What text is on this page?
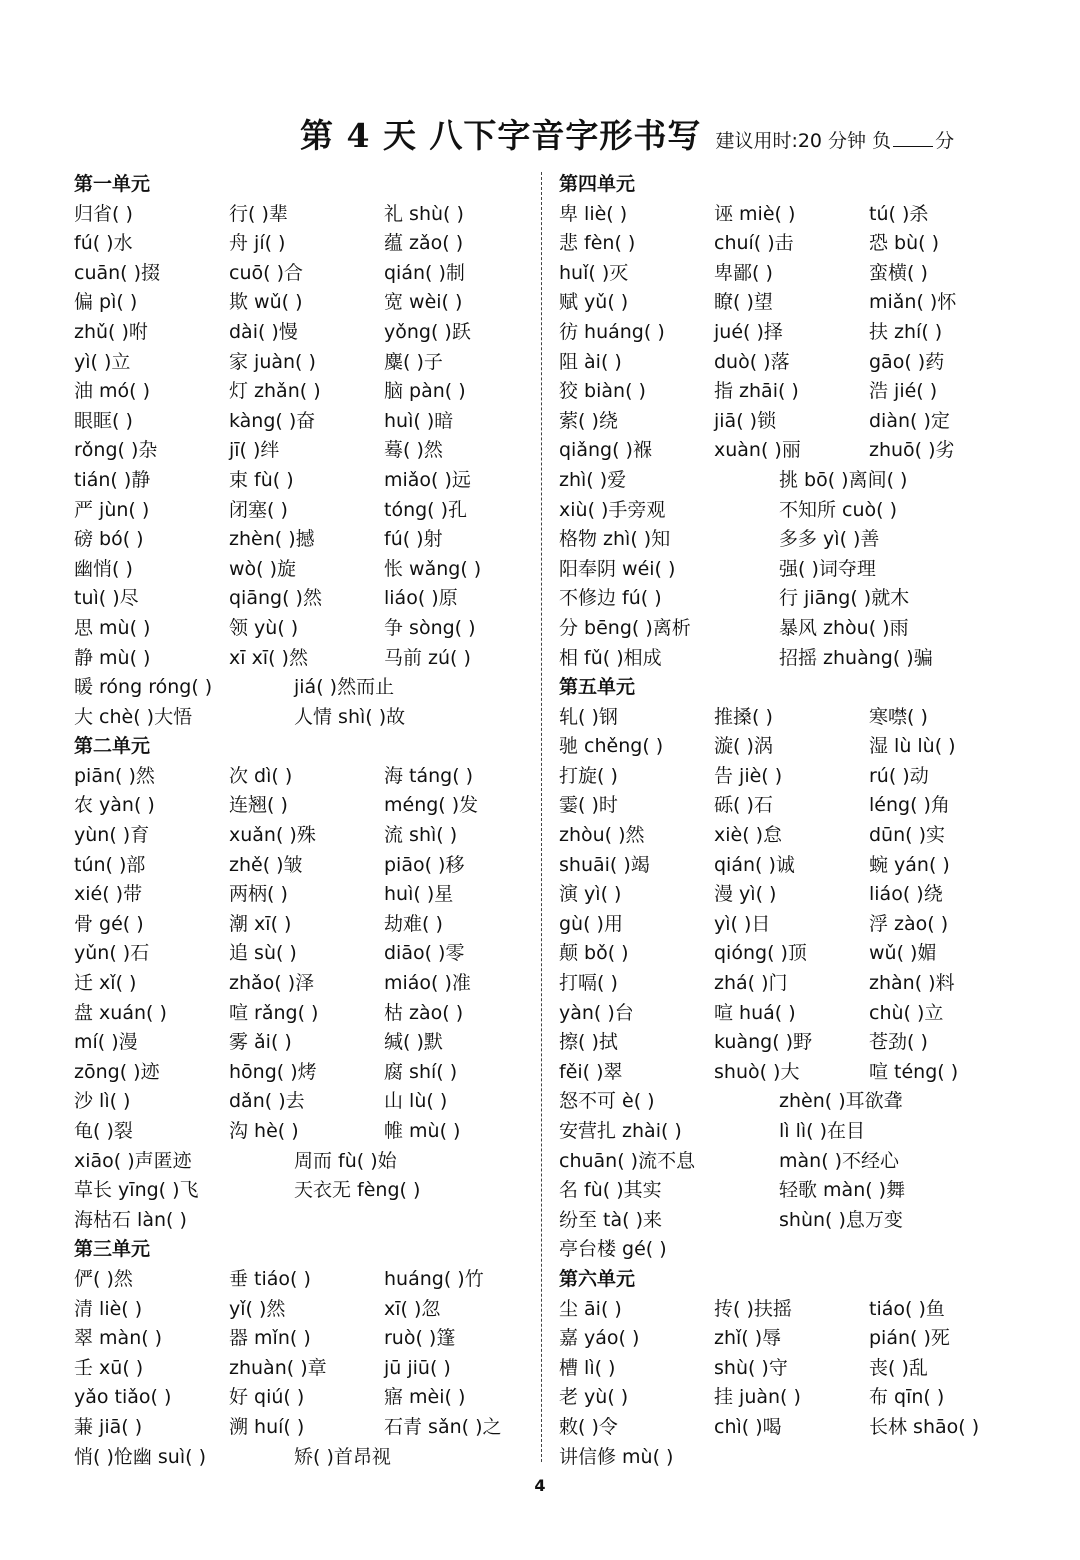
第 4 天 八下字音字形书写 建议用时:20 分钟 负 分
第一单元
归省( )	行( )辈	礼 shù( )
fú( )水	舟 jí( )	蕴 zǎo( )
cuān( )掇	cuō( )合	qián( )制
偏 pì( )	欺 wǔ( )	宽 wèi( )
zhǔ( )咐	dài( )慢	yǒng( )跃
yì( )立	家 juàn( )	麋( )子
油 mó( )	灯 zhǎn( )	脑 pàn( )
眼眶( )	kàng( )奋	huì( )暗
rǒng( )杂	jī( )绊	蓦( )然
tián( )静	束 fù( )	miǎo( )远
严 jùn( )	闭塞( )	tóng( )孔
磅 bó( )	zhèn( )撼	fú( )射
幽悄( )	wò( )旋	怅 wǎng( )
tuì( )尽	qiāng( )然	liáo( )原
思 mù( )	领 yù( )	争 sòng( )
静 mù( )	xī xī( )然	马前 zú( )
暖 róng róng( )	jiá( )然而止
大 chè( )大悟	人情 shì( )故
第二单元
piān( )然	次 dì( )	海 táng( )
农 yàn( )	连翘( )	méng( )发
yùn( )育	xuǎn( )殊	流 shì( )
tún( )部	zhě( )皱	piāo( )移
xié( )带	两柄( )	huì( )星
骨 gé( )	潮 xī( )	劫难( )
yǔn( )石	追 sù( )	diāo( )零
迁 xǐ( )	zhǎo( )泽	miáo( )准
盘 xuán( )	喧 rǎng( )	枯 zào( )
mí( )漫	雾 ǎi( )	缄( )默
zōng( )迹	hōng( )烤	腐 shí( )
沙 lì( )	dǎn( )去	山 lù( )
龟( )裂	沟 hè( )	帷 mù( )
xiāo( )声匿迹	周而 fù( )始
草长 yīng( )飞	天衣无 fèng( )
海枯石 làn( )
第三单元
俨( )然	垂 tiáo( )	huáng( )竹
清 liè( )	yǐ( )然	xī( )忽
翠 màn( )	器 mǐn( )	ruò( )篷
壬 xū( )	zhuàn( )章	jū jiū( )
yǎo tiǎo( )	好 qiú( )	寤 mèi( )
蒹 jiā( )	溯 huí( )	石青 sǎn( )之
悄( )怆幽 suì( )	矫( )首昂视
第四单元
卑 liè( )	诬 miè( )	tú( )杀
悲 fèn( )	chuí( )击	恐 bù( )
huǐ( )灭	卑鄙( )	蛮横( )
赋 yǔ( )	瞭( )望	miǎn( )怀
彷 huáng( )	jué( )择	扶 zhí( )
阻 ài( )	duò( )落	gāo( )药
狡 biàn( )	指 zhāi( )	浩 jié( )
萦( )绕	jiā( )锁	diàn( )定
qiǎng( )褓	xuàn( )丽	zhuō( )劣
zhì( )爱	挑 bō( )离间( )
xiù( )手旁观	不知所 cuò( )
格物 zhì( )知	多多 yì( )善
阳奉阴 wéi( )	强( )词夺理
不修边 fú( )	行 jiāng( )就木
分 bēng( )离析	暴风 zhòu( )雨
相 fǔ( )相成	招摇 zhuàng( )骗
第五单元
轧( )钢	推搡( )	寒噤( )
驰 chěng( )	漩( )涡	湿 lù lù( )
打旋( )	告 jiè( )	rú( )动
霎( )时	砾( )石	léng( )角
zhòu( )然	xiè( )怠	dūn( )实
shuāi( )竭	qián( )诚	蜿 yán( )
演 yì( )	漫 yì( )	liáo( )绕
gù( )用	yì( )日	浮 zào( )
颠 bǒ( )	qióng( )顶	wǔ( )媚
打嗝( )	zhá( )门	zhàn( )料
yàn( )台	喧 huá( )	chù( )立
擦( )拭	kuàng( )野	苍劲( )
fěi( )翠	shuò( )大	喧 téng( )
怒不可 è( )	zhèn( )耳欲聋
安营扎 zhài( )	lì lì( )在目
chuān( )流不息	màn( )不经心
名 fù( )其实	轻歌 màn( )舞
纷至 tà( )来	shùn( )息万变
亭台楼 gé( )
第六单元
尘 āi( )	抟( )扶摇	tiáo( )鱼
嘉 yáo( )	zhǐ( )辱	pián( )死
槽 lì( )	shù( )守	丧( )乱
老 yù( )	挂 juàn( )	布 qīn( )
敕( )令	chì( )喝	长林 shāo( )
讲信修 mù( )
4
